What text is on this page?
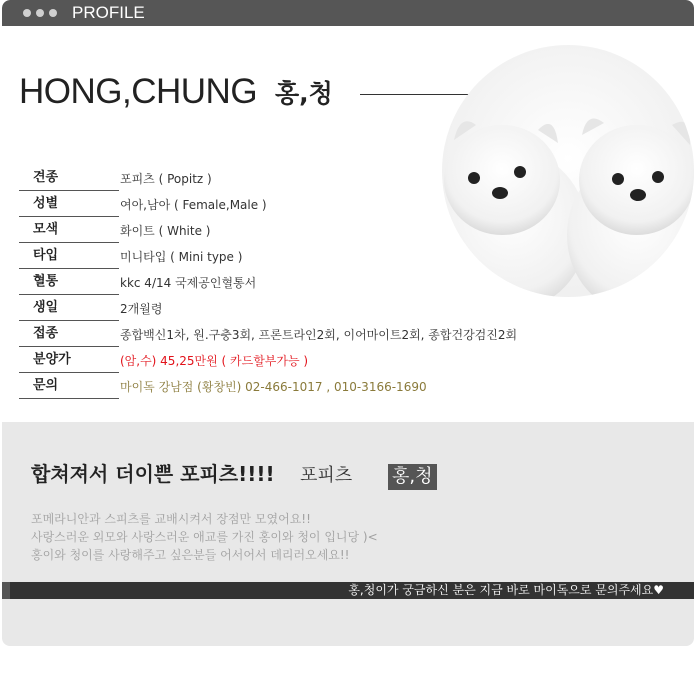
PROFILE
HONG,CHUNG 홍,청
견종	포피츠 ( Popitz )
성별	여아,남아 ( Female,Male )
모색	화이트 ( White )
타입	미니타입 ( Mini type )
혈통	kkc 4/14 국제공인혈통서
생일	2개월령
접종	종합백신1차, 원.구충3회, 프론트라인2회, 이어마이트2회, 종합건강검진2회
분양가	(암,수) 45,25만원 ( 카드할부가능 )
문의	마이독 강남점 (황창빈) 02-466-1017 , 010-3166-1690
합쳐져서 더이쁜 포피츠!!!! 포피츠 홍,청
포메라니안과 스피츠를 교배시켜서 장점만 모였어요!!
사랑스러운 외모와 사랑스러운 애교를 가진 홍이와 청이 입니당 )<
홍이와 청이를 사랑해주고 싶은분들 어서어서 데리러오세요!!
홍,청이가 궁금하신 분은 지금 바로 마이독으로 문의주세요♥
